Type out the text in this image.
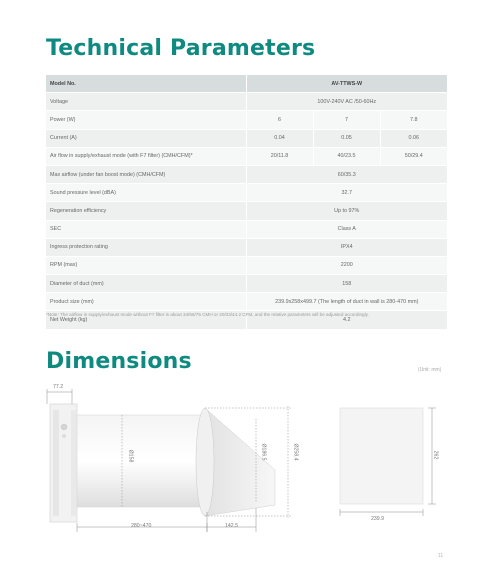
Technical Parameters
Model No.	AV-TTWS-W		
Voltage	100V-240V AC /50-60Hz		
Power (W)	6	7	7.8
Current (A)	0.04	0.05	0.06
Air flow in supply/exhaust mode (with F7 filter) (CMH/CFM)*	20/11.8	40/23.5	50/29.4
Max airflow (under fan boost mode) (CMH/CFM)	60/35.3		
Sound pressure level (dBA)	32.7		
Regeneration efficiency	Up to 97%		
SEC	Class A		
Ingress protection rating	IPX4		
RPM (max)	2200		
Diameter of duct (mm)	158		
Product size (mm)	239.9x258x499.7 (The length of duct in wall is 280-470 mm)		
Net Weight (kg)	4.2		
*Note: The airflow in supply/exhaust mode without F7 filter is about 34/56/75 CMH or 20/33/44.2 CFM, and the relative parameters will be adjusted accordingly.
Dimensions	(Unit: mm)
77.2
Ø158	Ø186.5	Ø258.4
280~470	142.5
239.9
262
11
